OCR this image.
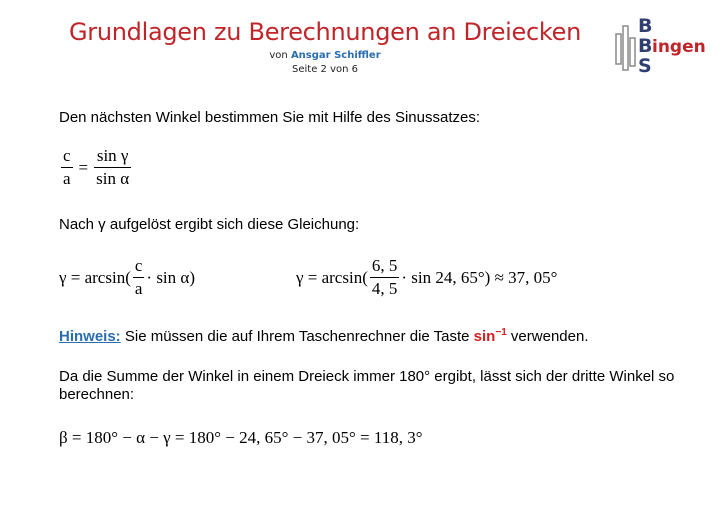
Grundlagen zu Berechnungen an Dreiecken
von Ansgar Schiffler
Seite 2 von 6
B
B ingen
S
Den nächsten Winkel bestimmen Sie mit Hilfe des Sinussatzes:
$\frac{c}{a} = \frac{\text{sin γ}}{\text{sin α}}$
Nach γ aufgelöst ergibt sich diese Gleichung:
$\gamma = \arcsin( \frac{c}{a} \cdot \sin \alpha)$	$\gamma = \arcsin( \frac{6, 5}{4, 5} \cdot \sin 24$, 65°) ≈ 37, 05°
Hinweis: Sie müssen die auf Ihrem Taschenrechner die Taste $\sin^{-1}$ verwenden.
Da die Summe der Winkel in einem Dreieck immer 180° ergibt, lässt sich der dritte Winkel so
berechnen:
β = 180° − α − γ = 180° − 24, 65° − 37, 05° = 118, 3°
